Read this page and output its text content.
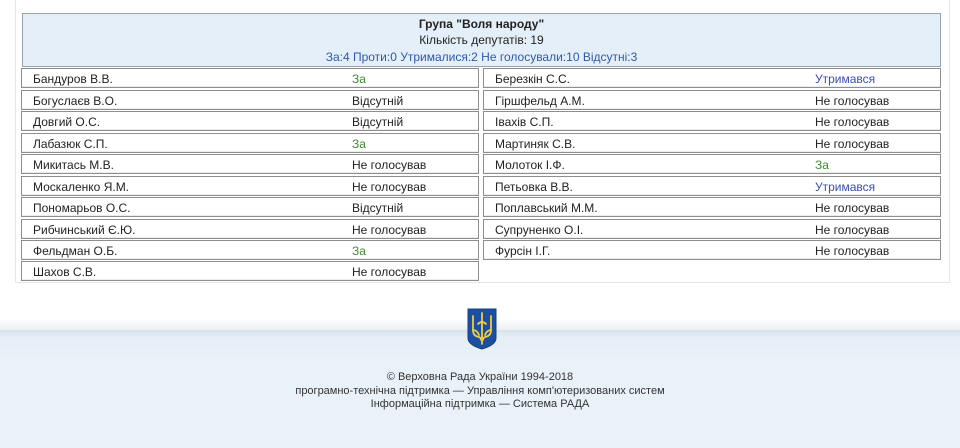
Група "Воля народу"
Кількість депутатів: 19
За:4 Проти:0 Утрималися:2 Не голосували:10 Відсутні:3
Бандуров В.В.	За
Богуслаєв В.О.	Відсутній
Довгий О.С.	Відсутній
Лабазюк С.П.	За
Микитась М.В.	Не голосував
Москаленко Я.М.	Не голосував
Пономарьов О.С.	Відсутній
Рибчинський Є.Ю.	Не голосував
Фельдман О.Б.	За
Шахов С.В.	Не голосував
Березкін С.С.	Утримався
Гіршфельд А.М.	Не голосував
Іваxів С.П.	Не голосував
Мартиняк С.В.	Не голосував
Молоток І.Ф.	За
Петьовка В.В.	Утримався
Поплавський М.М.	Не голосував
Супруненко О.І.	Не голосував
Фурсін І.Г.	Не голосував
© Верховна Рада України 1994-2018
програмно-технічна підтримка — Управління комп'ютеризованих систем
Інформаційна підтримка — Система РАДА
